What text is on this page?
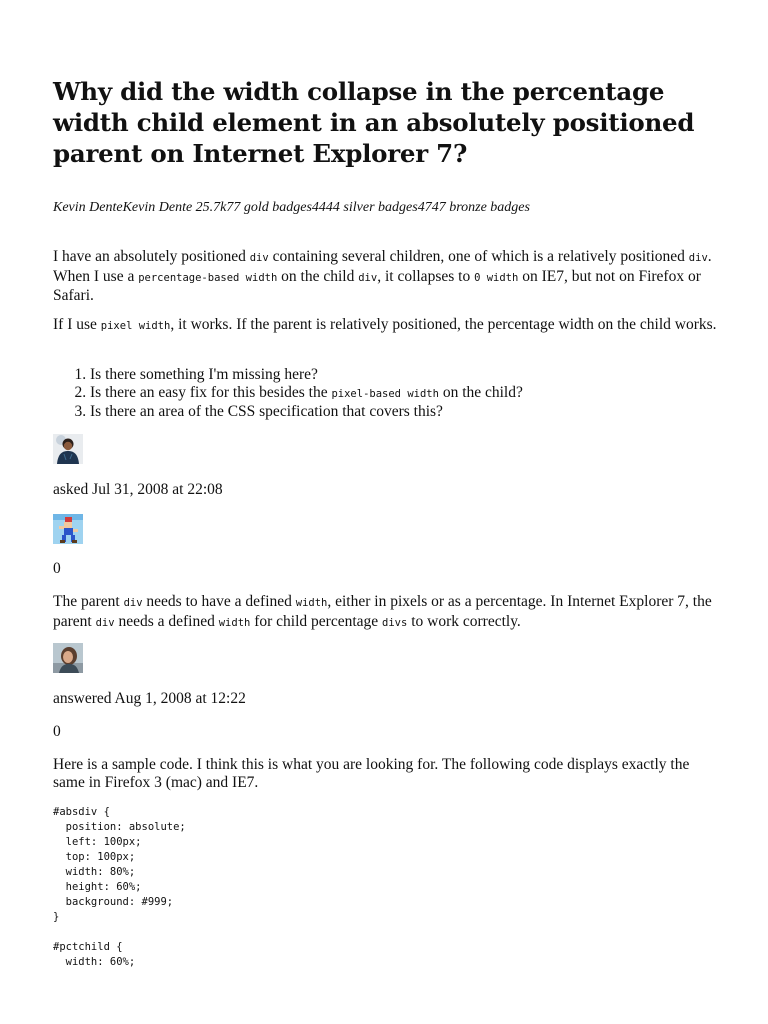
Why did the width collapse in the percentage width child element in an absolutely positioned parent on Internet Explorer 7?
Kevin DenteKevin Dente 25.7k77 gold badges4444 silver badges4747 bronze badges

I have an absolutely positioned div containing several children, one of which is a relatively positioned div. When I use a percentage-based width on the child div, it collapses to 0 width on IE7, but not on Firefox or Safari.

If I use pixel width, it works. If the parent is relatively positioned, the percentage width on the child works.

1. Is there something I'm missing here?
2. Is there an easy fix for this besides the pixel-based width on the child?
3. Is there an area of the CSS specification that covers this?
asked Jul 31, 2008 at 22:08
0

The parent div needs to have a defined width, either in pixels or as a percentage. In Internet Explorer 7, the parent div needs a defined width for child percentage divs to work correctly.

answered Aug 1, 2008 at 12:22
0

Here is a sample code. I think this is what you are looking for. The following code displays exactly the same in Firefox 3 (mac) and IE7.

#absdiv {
position: absolute;
left: 100px;
top: 100px;
width: 80%;
height: 60%;
background: #999;
}

#pctchild {
width: 60%;
